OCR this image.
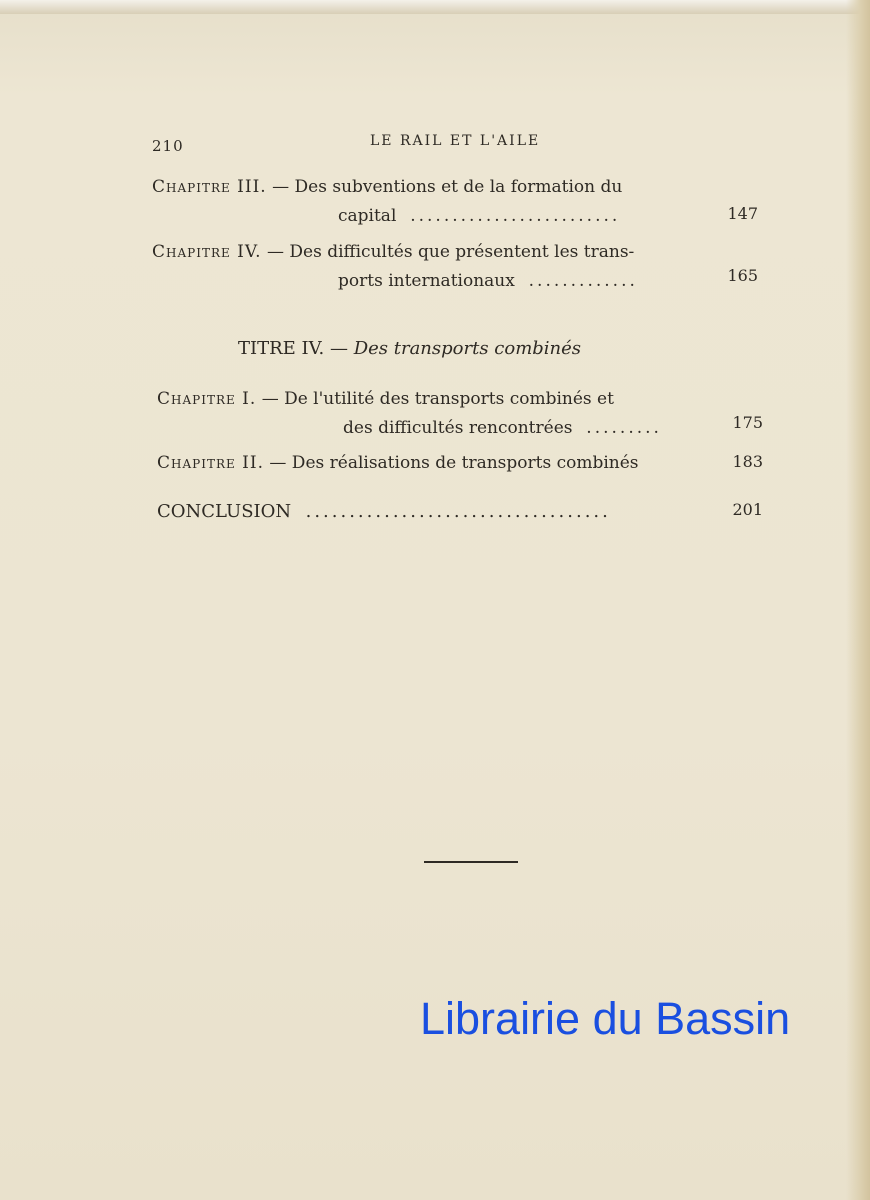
210	LE RAIL ET L'AILE
Chapitre III. — Des subventions et de la formation du
capital  .........................	147
Chapitre IV. — Des difficultés que présentent les trans-
ports internationaux  .............	165
TITRE IV. — Des transports combinés
Chapitre I. — De l'utilité des transports combinés et
des difficultés rencontrées  .........	175
Chapitre II. — Des réalisations de transports combinés	183
CONCLUSION  ...................................	201
Librairie du Bassin
